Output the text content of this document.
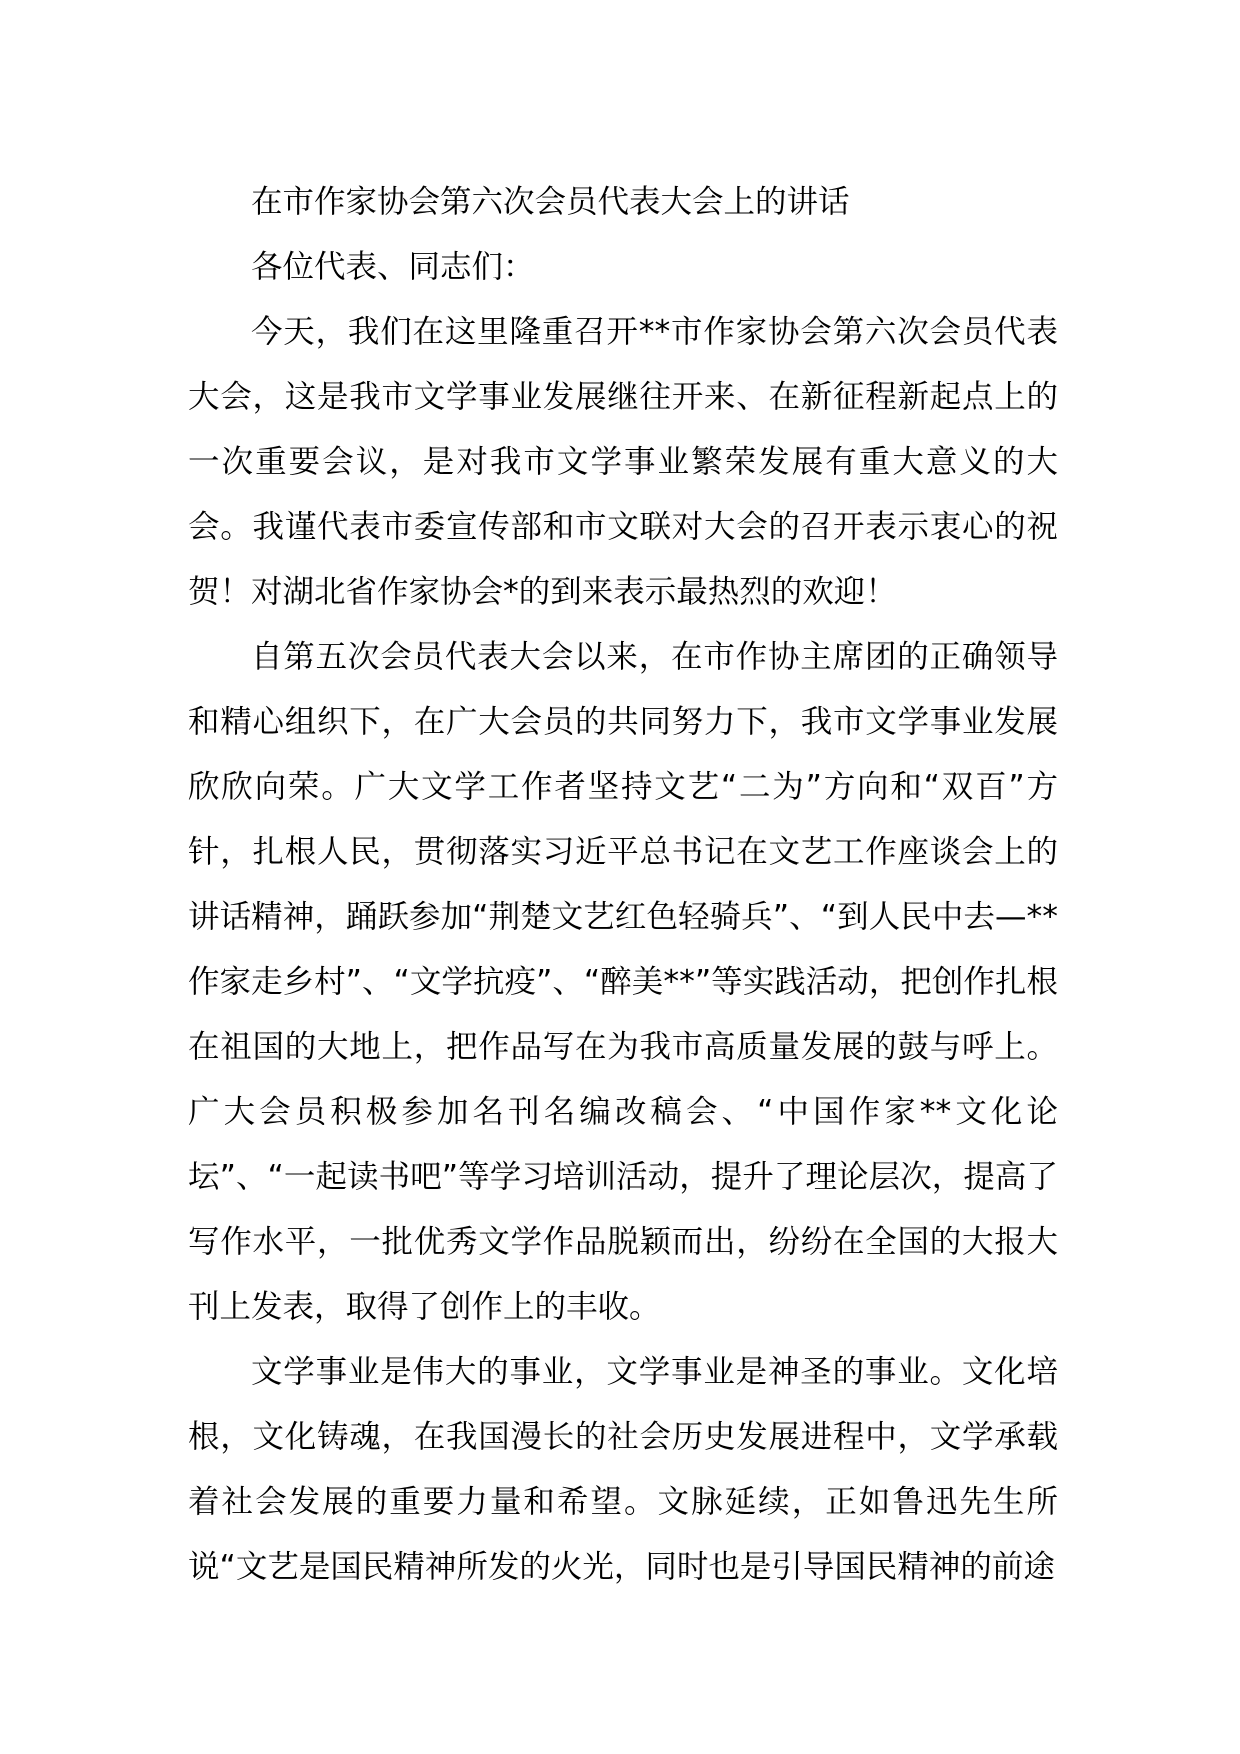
在市作家协会第六次会员代表大会上的讲话

各位代表、同志们：

今天，我们在这里隆重召开**市作家协会第六次会员代表大会，这是我市文学事业发展继往开来、在新征程新起点上的一次重要会议，是对我市文学事业繁荣发展有重大意义的大会。我谨代表市委宣传部和市文联对大会的召开表示衷心的祝贺！对湖北省作家协会*的到来表示最热烈的欢迎！

自第五次会员代表大会以来，在市作协主席团的正确领导和精心组织下，在广大会员的共同努力下，我市文学事业发展欣欣向荣。广大文学工作者坚持文艺“二为”方向和“双百”方针，扎根人民，贯彻落实习近平总书记在文艺工作座谈会上的讲话精神，踊跃参加“荆楚文艺红色轻骑兵”、“到人民中去—**作家走乡村”、“文学抗疫”、“醉美**”等实践活动，把创作扎根在祖国的大地上，把作品写在为我市高质量发展的鼓与呼上。广大会员积极参加名刊名编改稿会、“中国作家**文化论坛”、“一起读书吧”等学习培训活动，提升了理论层次，提高了写作水平，一批优秀文学作品脱颖而出，纷纷在全国的大报大刊上发表，取得了创作上的丰收。

文学事业是伟大的事业，文学事业是神圣的事业。文化培根，文化铸魂，在我国漫长的社会历史发展进程中，文学承载着社会发展的重要力量和希望。文脉延续，正如鲁迅先生所说“文艺是国民精神所发的火光，同时也是引导国民精神的前途
